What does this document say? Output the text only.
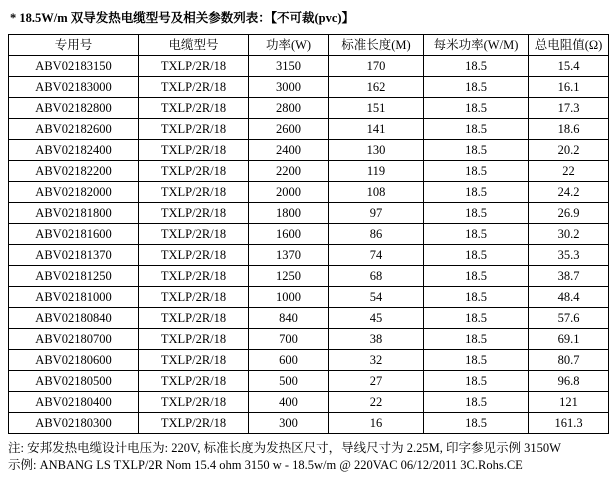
* 18.5W/m 双导发热电缆型号及相关参数列表：【不可裁(pvc)】
专用号	电缆型号	功率(W)	标准长度(M)	每米功率(W/M)	总电阻值(Ω)
ABV02183150	TXLP/2R/18	3150	170	18.5	15.4
ABV02183000	TXLP/2R/18	3000	162	18.5	16.1
ABV02182800	TXLP/2R/18	2800	151	18.5	17.3
ABV02182600	TXLP/2R/18	2600	141	18.5	18.6
ABV02182400	TXLP/2R/18	2400	130	18.5	20.2
ABV02182200	TXLP/2R/18	2200	119	18.5	22
ABV02182000	TXLP/2R/18	2000	108	18.5	24.2
ABV02181800	TXLP/2R/18	1800	97	18.5	26.9
ABV02181600	TXLP/2R/18	1600	86	18.5	30.2
ABV02181370	TXLP/2R/18	1370	74	18.5	35.3
ABV02181250	TXLP/2R/18	1250	68	18.5	38.7
ABV02181000	TXLP/2R/18	1000	54	18.5	48.4
ABV02180840	TXLP/2R/18	840	45	18.5	57.6
ABV02180700	TXLP/2R/18	700	38	18.5	69.1
ABV02180600	TXLP/2R/18	600	32	18.5	80.7
ABV02180500	TXLP/2R/18	500	27	18.5	96.8
ABV02180400	TXLP/2R/18	400	22	18.5	121
ABV02180300	TXLP/2R/18	300	16	18.5	161.3
注: 安邦发热电缆设计电压为: 220V, 标准长度为发热区尺寸，导线尺寸为 2.25M, 印字参见示例 3150W
示例: ANBANG LS TXLP/2R Nom 15.4 ohm 3150 w - 18.5w/m @ 220VAC 06/12/2011 3C.Rohs.CE
